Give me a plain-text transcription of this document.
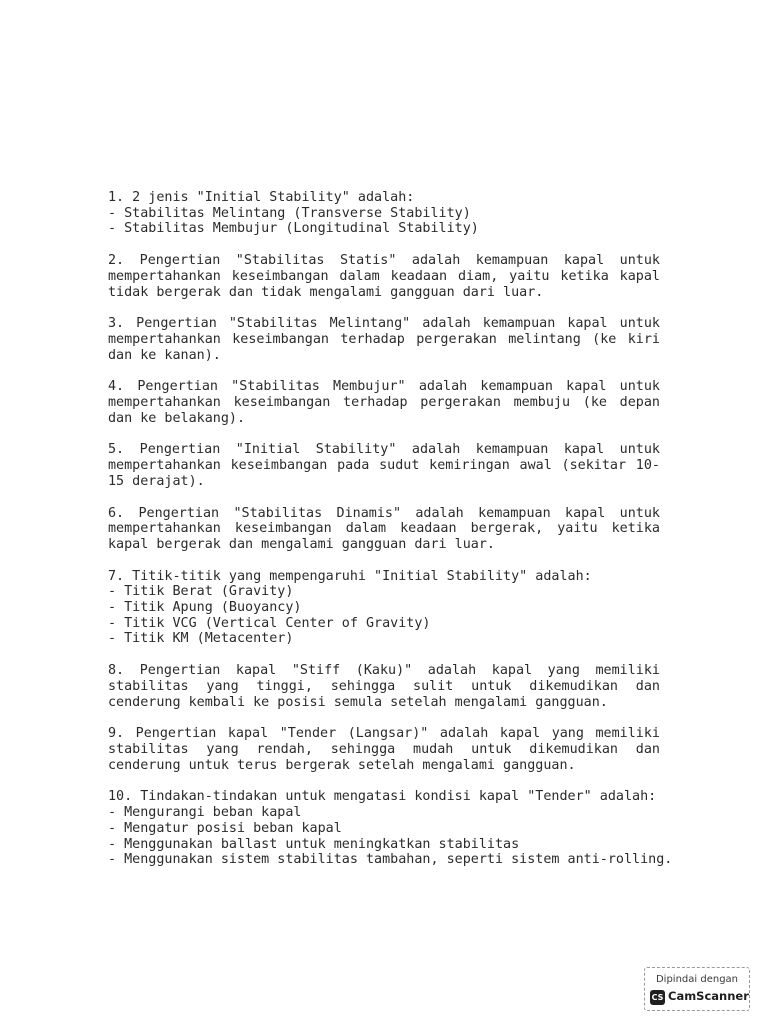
1. 2 jenis "Initial Stability" adalah:
- Stabilitas Melintang (Transverse Stability)
- Stabilitas Membujur (Longitudinal Stability)
2. Pengertian "Stabilitas Statis" adalah kemampuan kapal untuk mempertahankan keseimbangan dalam keadaan diam, yaitu ketika kapal tidak bergerak dan tidak mengalami gangguan dari luar.
3. Pengertian "Stabilitas Melintang" adalah kemampuan kapal untuk mempertahankan keseimbangan terhadap pergerakan melintang (ke kiri dan ke kanan).
4. Pengertian "Stabilitas Membujur" adalah kemampuan kapal untuk mempertahankan keseimbangan terhadap pergerakan membuju (ke depan dan ke belakang).
5. Pengertian "Initial Stability" adalah kemampuan kapal untuk mempertahankan keseimbangan pada sudut kemiringan awal (sekitar 10-15 derajat).
6. Pengertian "Stabilitas Dinamis" adalah kemampuan kapal untuk mempertahankan keseimbangan dalam keadaan bergerak, yaitu ketika kapal bergerak dan mengalami gangguan dari luar.
7. Titik-titik yang mempengaruhi "Initial Stability" adalah:
- Titik Berat (Gravity)
- Titik Apung (Buoyancy)
- Titik VCG (Vertical Center of Gravity)
- Titik KM (Metacenter)
8. Pengertian kapal "Stiff (Kaku)" adalah kapal yang memiliki stabilitas yang tinggi, sehingga sulit untuk dikemudikan dan cenderung kembali ke posisi semula setelah mengalami gangguan.
9. Pengertian kapal "Tender (Langsar)" adalah kapal yang memiliki stabilitas yang rendah, sehingga mudah untuk dikemudikan dan cenderung untuk terus bergerak setelah mengalami gangguan.
10. Tindakan-tindakan untuk mengatasi kondisi kapal "Tender" adalah:
- Mengurangi beban kapal
- Mengatur posisi beban kapal
- Menggunakan ballast untuk meningkatkan stabilitas
- Menggunakan sistem stabilitas tambahan, seperti sistem anti-rolling.
Dipindai dengan
CS CamScanner
